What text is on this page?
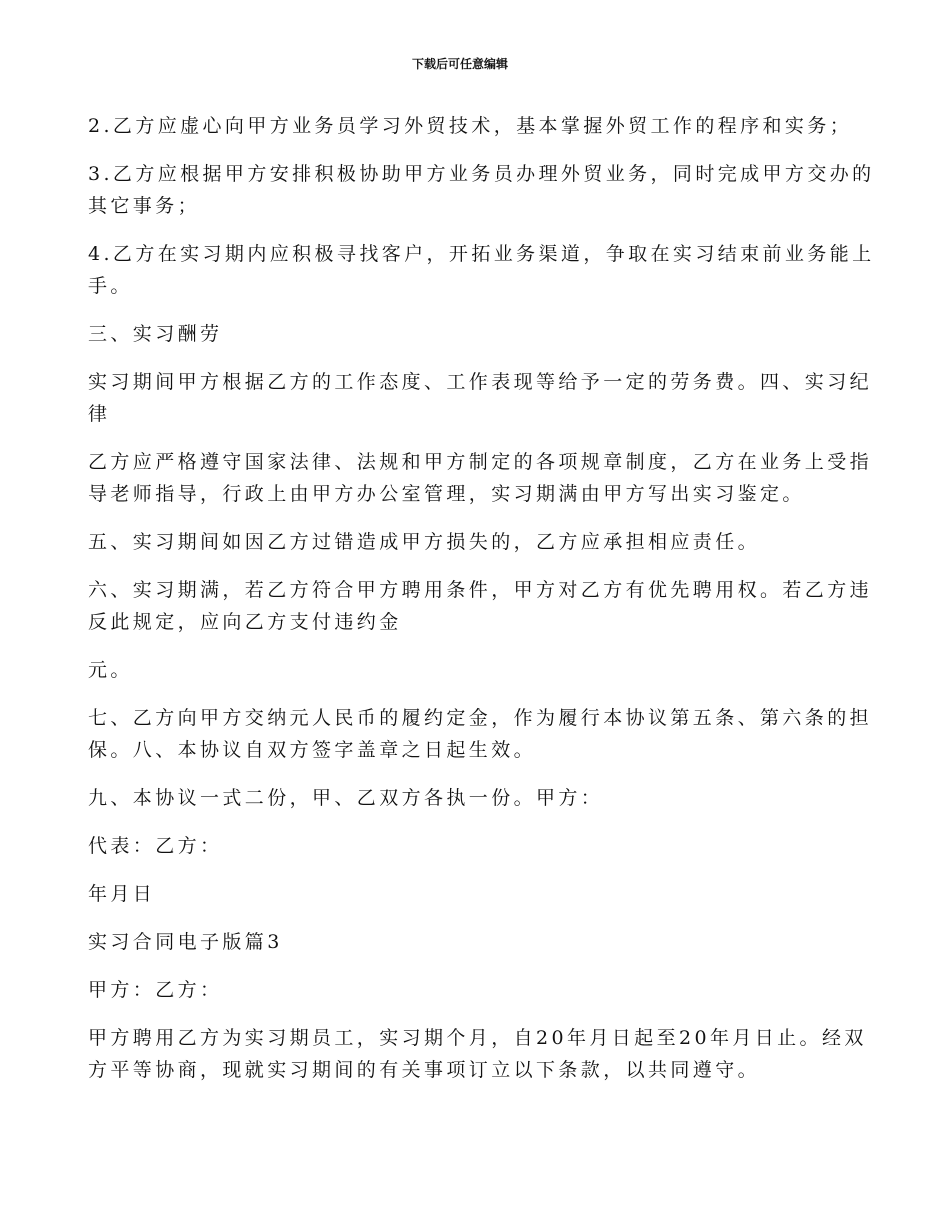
下载后可任意编辑
2.乙方应虚心向甲方业务员学习外贸技术，基本掌握外贸工作的程序和实务；
3.乙方应根据甲方安排积极协助甲方业务员办理外贸业务，同时完成甲方交办的
其它事务；
4.乙方在实习期内应积极寻找客户，开拓业务渠道，争取在实习结束前业务能上
手。
三、实习酬劳
实习期间甲方根据乙方的工作态度、工作表现等给予一定的劳务费。四、实习纪
律
乙方应严格遵守国家法律、法规和甲方制定的各项规章制度，乙方在业务上受指
导老师指导，行政上由甲方办公室管理，实习期满由甲方写出实习鉴定。
五、实习期间如因乙方过错造成甲方损失的，乙方应承担相应责任。
六、实习期满，若乙方符合甲方聘用条件，甲方对乙方有优先聘用权。若乙方违
反此规定，应向乙方支付违约金
元。
七、乙方向甲方交纳元人民币的履约定金，作为履行本协议第五条、第六条的担
保。八、本协议自双方签字盖章之日起生效。
九、本协议一式二份，甲、乙双方各执一份。甲方：
代表：乙方：
年月日
实习合同电子版篇3
甲方：乙方：
甲方聘用乙方为实习期员工，实习期个月，自20年月日起至20年月日止。经双
方平等协商，现就实习期间的有关事项订立以下条款，以共同遵守。
